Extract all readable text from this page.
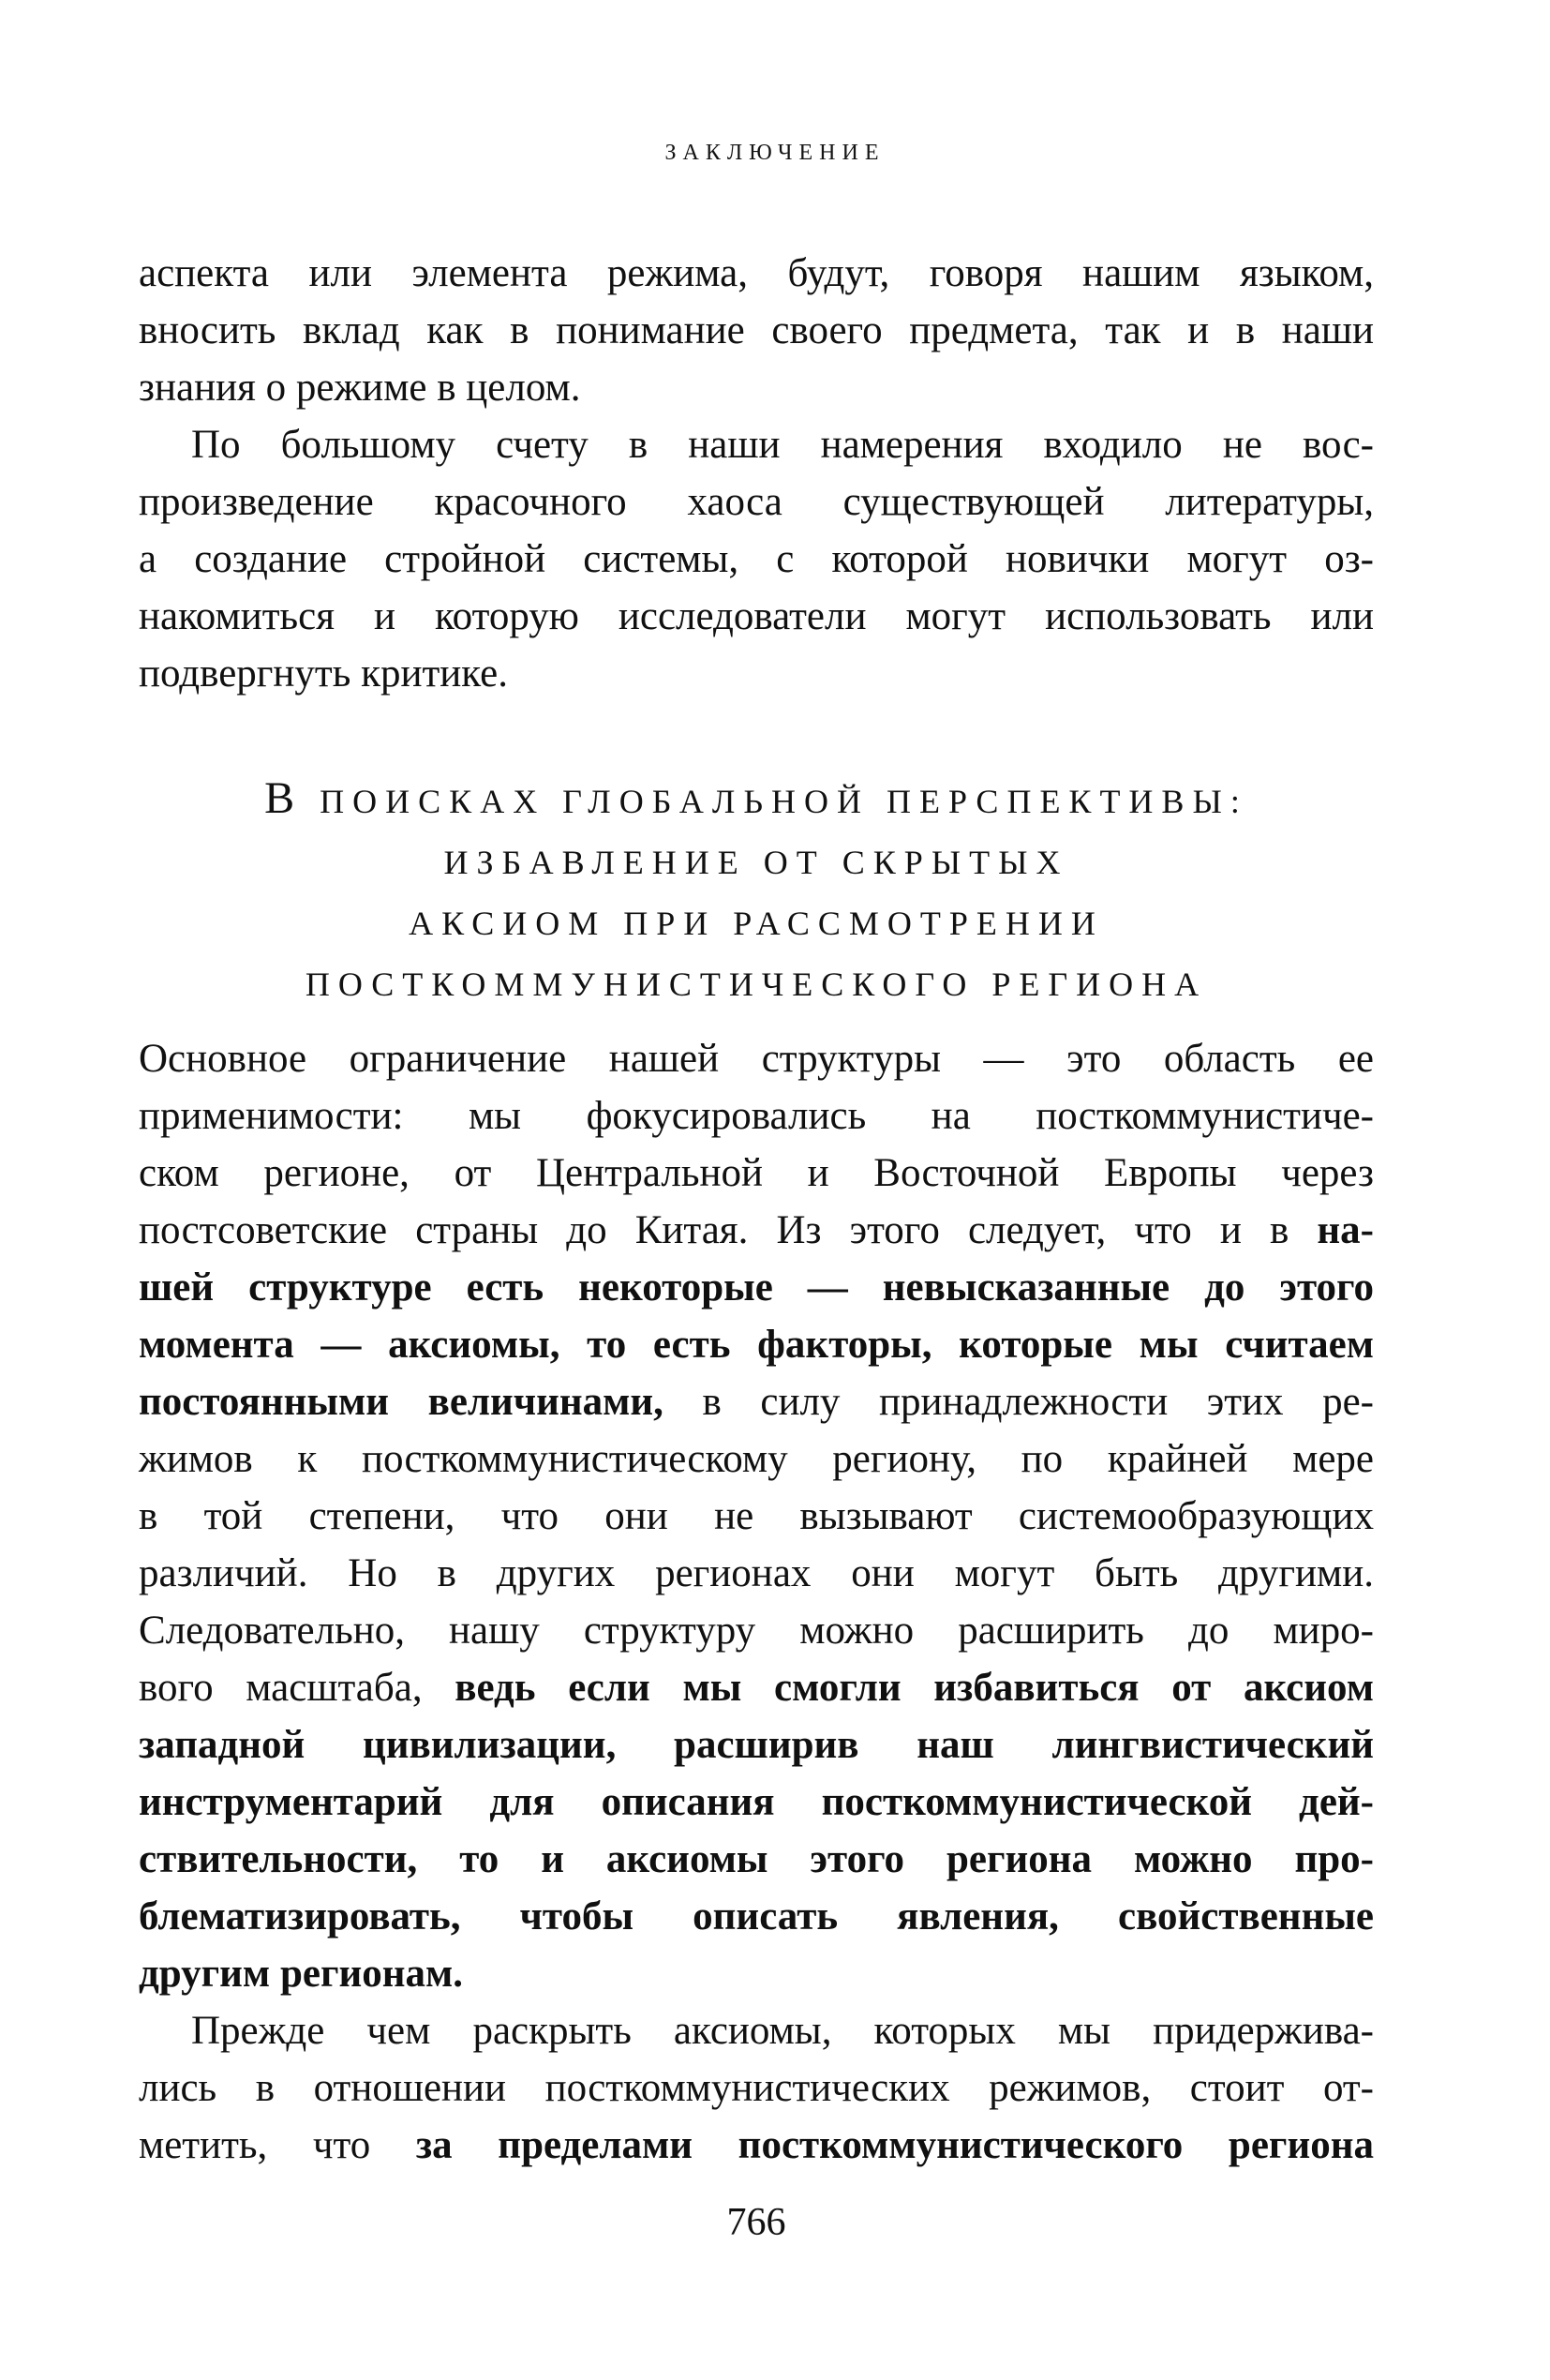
ЗАКЛЮЧЕНИЕ
аспекта или элемента режима, будут, говоря нашим языком,
вносить вклад как в понимание своего предмета, так и в наши
знания о режиме в целом.
По большому счету в наши намерения входило не вос-
произведение красочного хаоса существующей литературы,
а создание стройной системы, с которой новички могут оз-
накомиться и которую исследователи могут использовать или
подвергнуть критике.
В ПОИСКАХ ГЛОБАЛЬНОЙ ПЕРСПЕКТИВЫ:
ИЗБАВЛЕНИЕ ОТ СКРЫТЫХ
АКСИОМ ПРИ РАССМОТРЕНИИ
ПОСТКОММУНИСТИЧЕСКОГО РЕГИОНА
Основное ограничение нашей структуры — это область ее
применимости: мы фокусировались на посткоммунистиче-
ском регионе, от Центральной и Восточной Европы через
постсоветские страны до Китая. Из этого следует, что и в на-
шей структуре есть некоторые — невысказанные до этого
момента — аксиомы, то есть факторы, которые мы считаем
постоянными величинами, в силу принадлежности этих ре-
жимов к посткоммунистическому региону, по крайней мере
в той степени, что они не вызывают системообразующих
различий. Но в других регионах они могут быть другими.
Следовательно, нашу структуру можно расширить до миро-
вого масштаба, ведь если мы смогли избавиться от аксиом
западной цивилизации, расширив наш лингвистический
инструментарий для описания посткоммунистической дей-
ствительности, то и аксиомы этого региона можно про-
блематизировать, чтобы описать явления, свойственные
другим регионам.
Прежде чем раскрыть аксиомы, которых мы придержива-
лись в отношении посткоммунистических режимов, стоит от-
метить, что за пределами посткоммунистического региона
766
